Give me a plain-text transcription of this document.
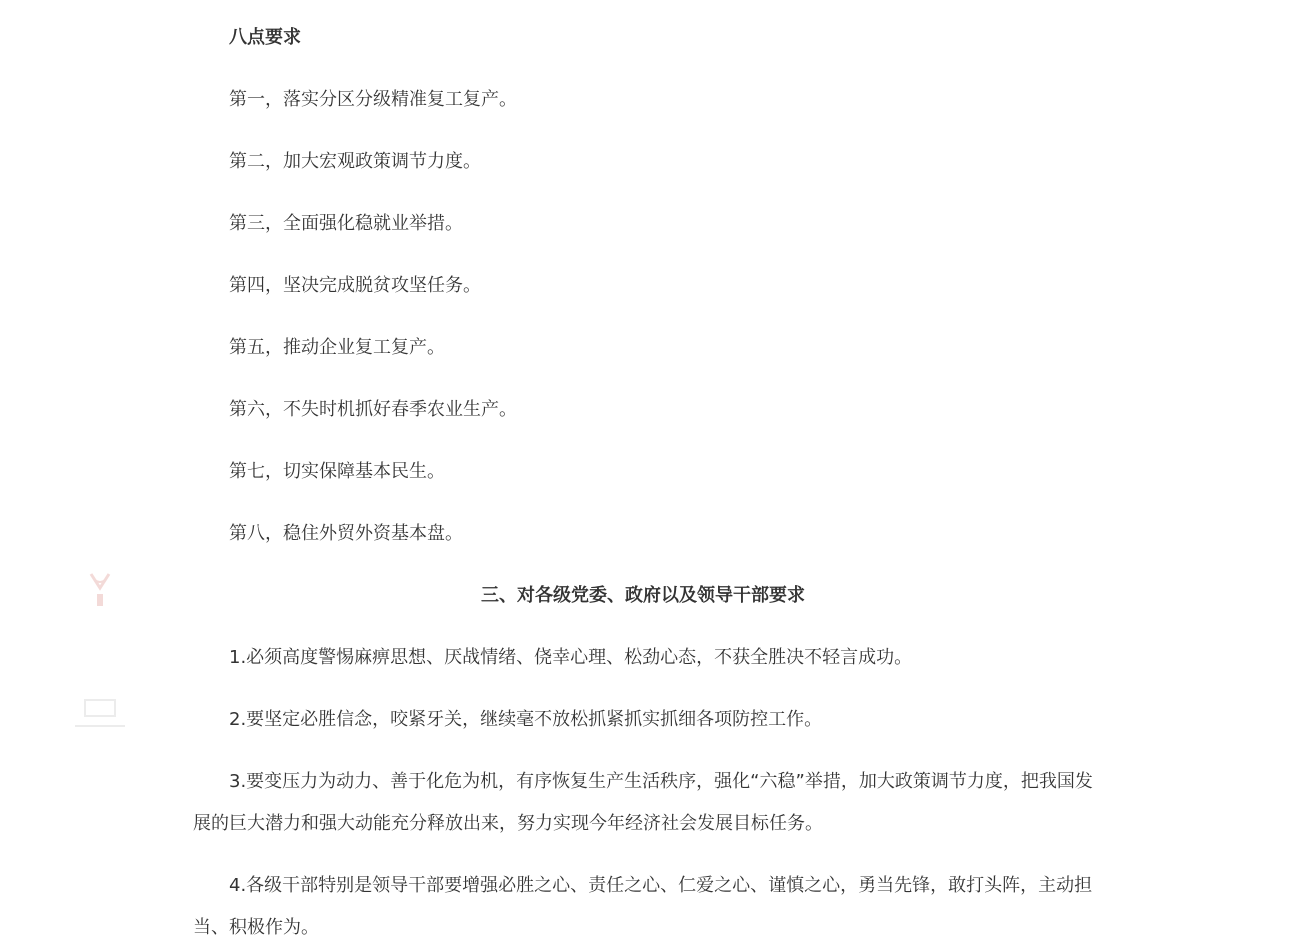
八点要求

第一，落实分区分级精准复工复产。

第二，加大宏观政策调节力度。

第三，全面强化稳就业举措。

第四，坚决完成脱贫攻坚任务。

第五，推动企业复工复产。

第六，不失时机抓好春季农业生产。

第七，切实保障基本民生。

第八，稳住外贸外资基本盘。

三、对各级党委、政府以及领导干部要求

1.必须高度警惕麻痹思想、厌战情绪、侥幸心理、松劲心态，不获全胜决不轻言成功。

2.要坚定必胜信念，咬紧牙关，继续毫不放松抓紧抓实抓细各项防控工作。

3.要变压力为动力、善于化危为机，有序恢复生产生活秩序，强化“六稳”举措，加大政策调节力度，把我国发展的巨大潜力和强大动能充分释放出来，努力实现今年经济社会发展目标任务。

4.各级干部特别是领导干部要增强必胜之心、责任之心、仁爱之心、谨慎之心，勇当先锋，敢打头阵，主动担当、积极作为。
